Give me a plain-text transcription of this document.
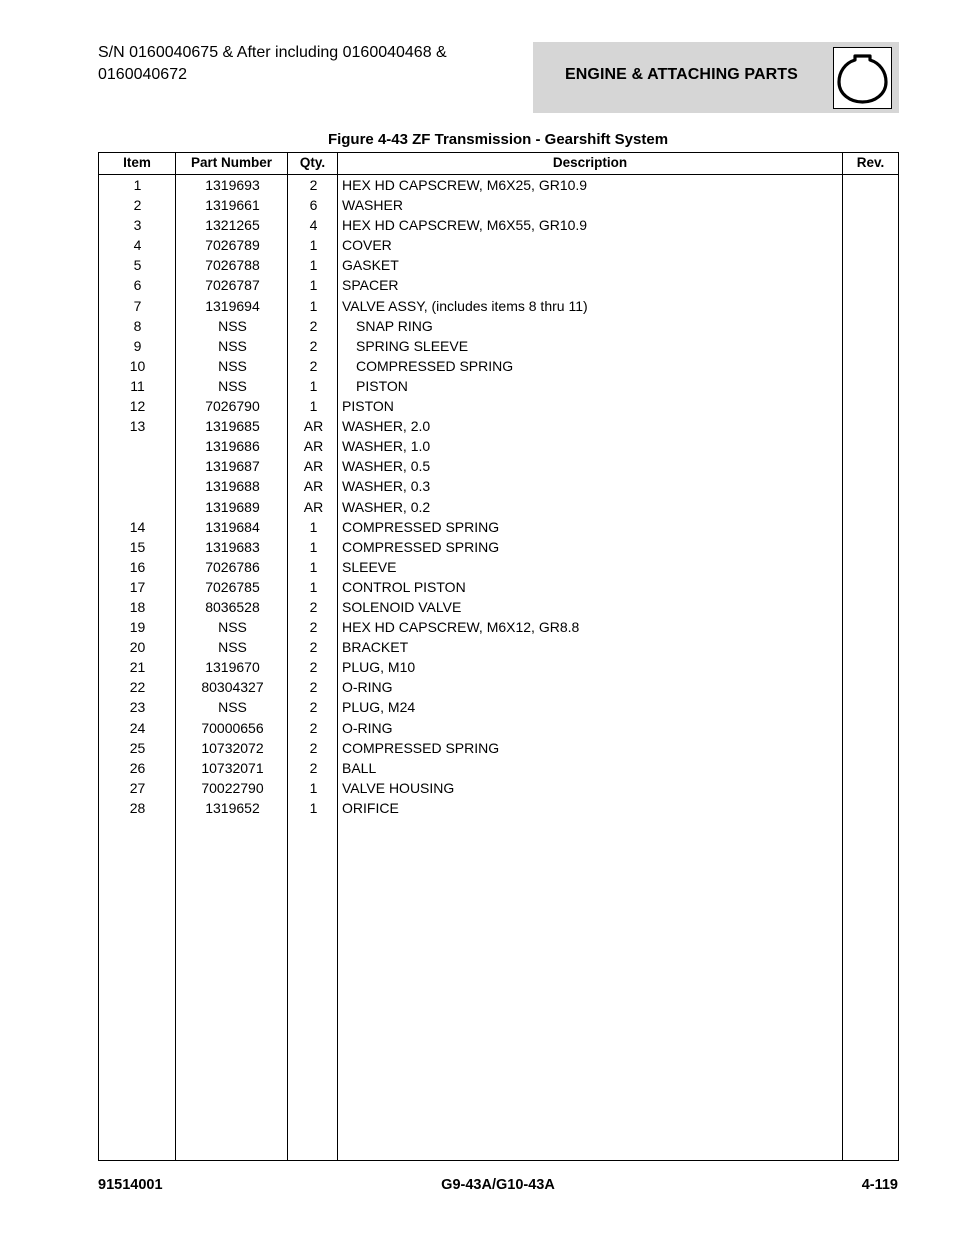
S/N 0160040675 & After including 0160040468 &
0160040672	ENGINE & ATTACHING PARTS
Figure 4-43 ZF Transmission - Gearshift System
Item	Part Number	Qty.	Description	Rev.
1	1319693	2	HEX HD CAPSCREW, M6X25, GR10.9
2	1319661	6	WASHER
3	1321265	4	HEX HD CAPSCREW, M6X55, GR10.9
4	7026789	1	COVER
5	7026788	1	GASKET
6	7026787	1	SPACER
7	1319694	1	VALVE ASSY, (includes items 8 thru 11)
8	NSS	2	SNAP RING
9	NSS	2	SPRING SLEEVE
10	NSS	2	COMPRESSED SPRING
11	NSS	1	PISTON
12	7026790	1	PISTON
13	1319685	AR	WASHER, 2.0
1319686	AR	WASHER, 1.0
1319687	AR	WASHER, 0.5
1319688	AR	WASHER, 0.3
1319689	AR	WASHER, 0.2
14	1319684	1	COMPRESSED SPRING
15	1319683	1	COMPRESSED SPRING
16	7026786	1	SLEEVE
17	7026785	1	CONTROL PISTON
18	8036528	2	SOLENOID VALVE
19	NSS	2	HEX HD CAPSCREW, M6X12, GR8.8
20	NSS	2	BRACKET
21	1319670	2	PLUG, M10
22	80304327	2	O-RING
23	NSS	2	PLUG, M24
24	70000656	2	O-RING
25	10732072	2	COMPRESSED SPRING
26	10732071	2	BALL
27	70022790	1	VALVE HOUSING
28	1319652	1	ORIFICE
91514001	G9-43A/G10-43A	4-119
